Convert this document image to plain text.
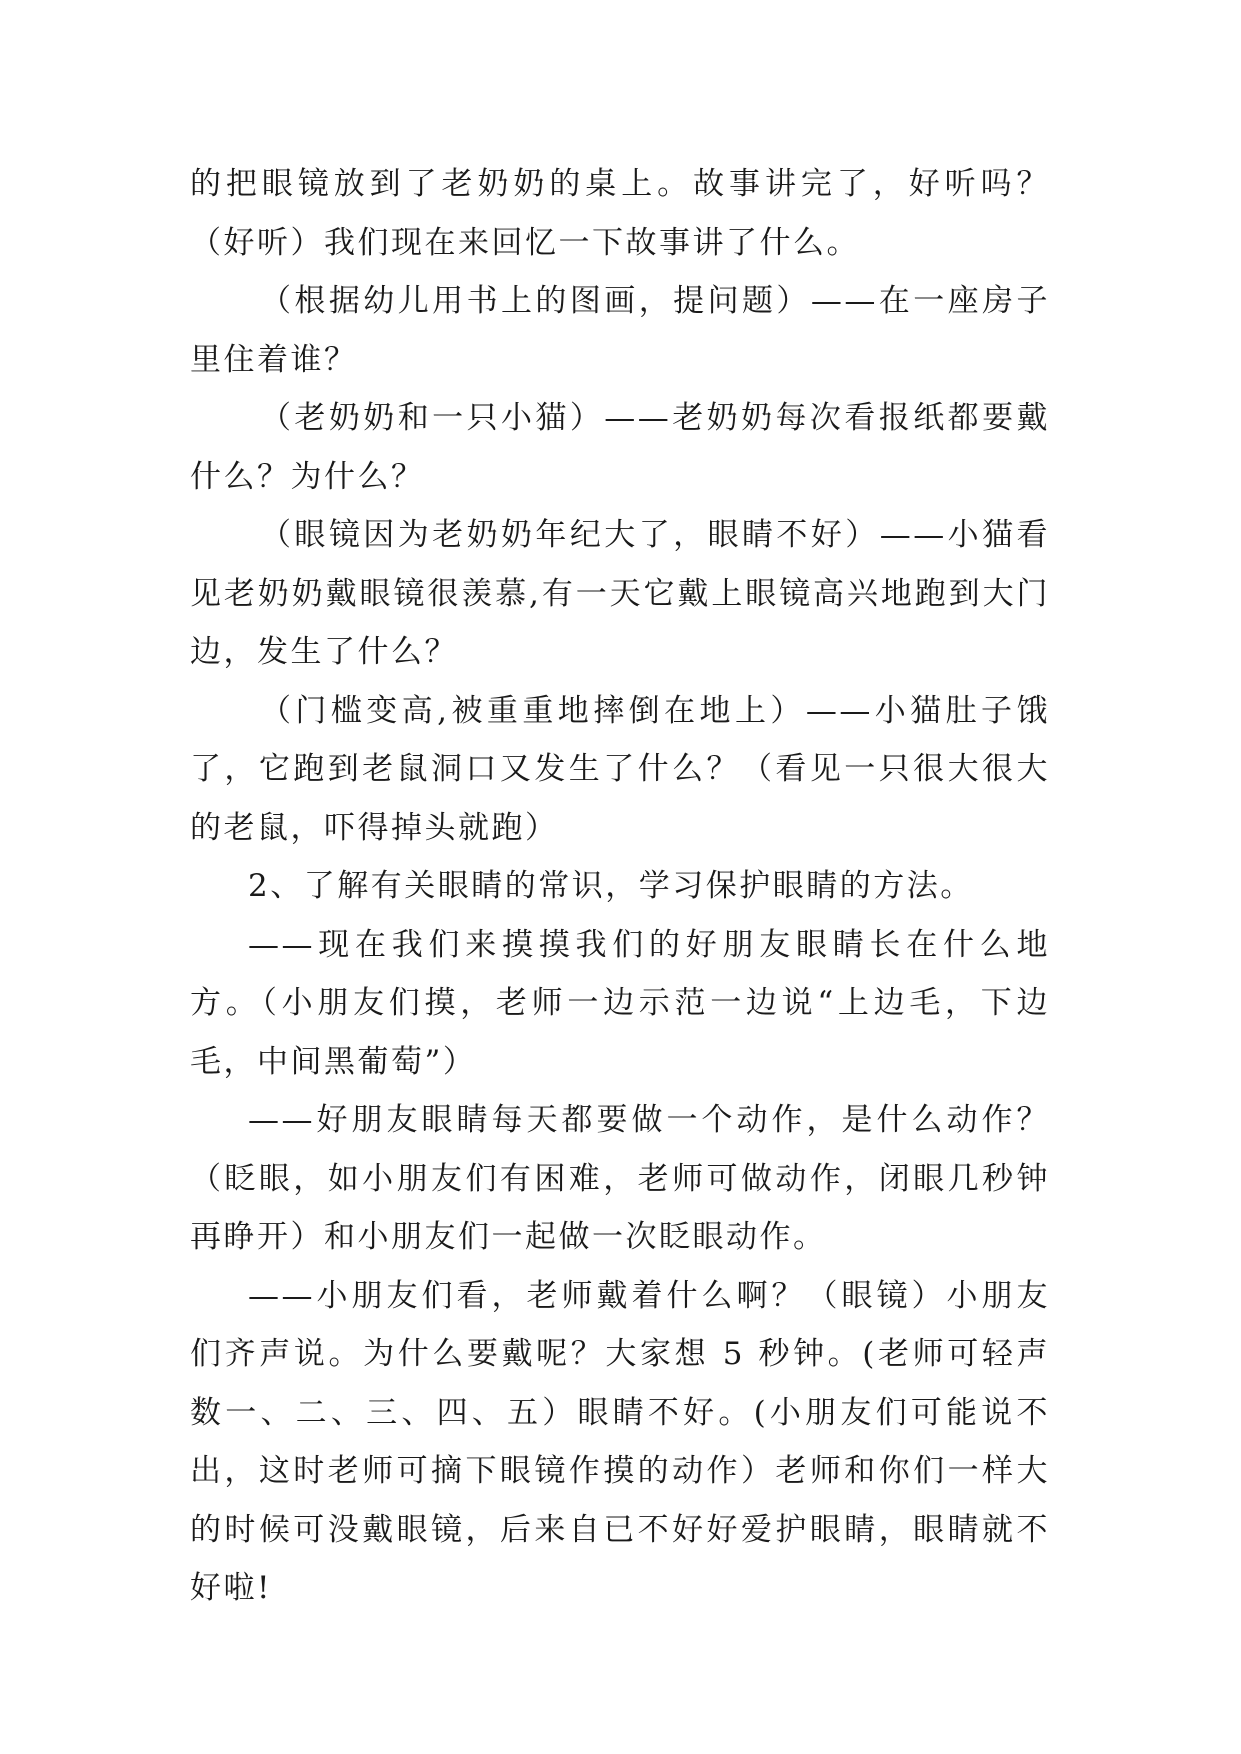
的把眼镜放到了老奶奶的桌上。故事讲完了，好听吗？（好听）我们现在来回忆一下故事讲了什么。

（根据幼儿用书上的图画，提问题）——在一座房子里住着谁？

（老奶奶和一只小猫）——老奶奶每次看报纸都要戴什么？为什么？

（眼镜因为老奶奶年纪大了，眼睛不好）——小猫看见老奶奶戴眼镜很羡慕,有一天它戴上眼镜高兴地跑到大门边，发生了什么？

（门槛变高,被重重地摔倒在地上）——小猫肚子饿了，它跑到老鼠洞口又发生了什么？（看见一只很大很大的老鼠，吓得掉头就跑）

2、了解有关眼睛的常识，学习保护眼睛的方法。

——现在我们来摸摸我们的好朋友眼睛长在什么地方。（小朋友们摸，老师一边示范一边说“上边毛，下边毛，中间黑葡萄”）

——好朋友眼睛每天都要做一个动作，是什么动作？（眨眼，如小朋友们有困难，老师可做动作，闭眼几秒钟再睁开）和小朋友们一起做一次眨眼动作。

——小朋友们看，老师戴着什么啊？（眼镜）小朋友们齐声说。为什么要戴呢？大家想 5 秒钟。(老师可轻声数一、二、三、四、五）眼睛不好。(小朋友们可能说不出，这时老师可摘下眼镜作摸的动作）老师和你们一样大的时候可没戴眼镜，后来自已不好好爱护眼睛，眼睛就不好啦!
